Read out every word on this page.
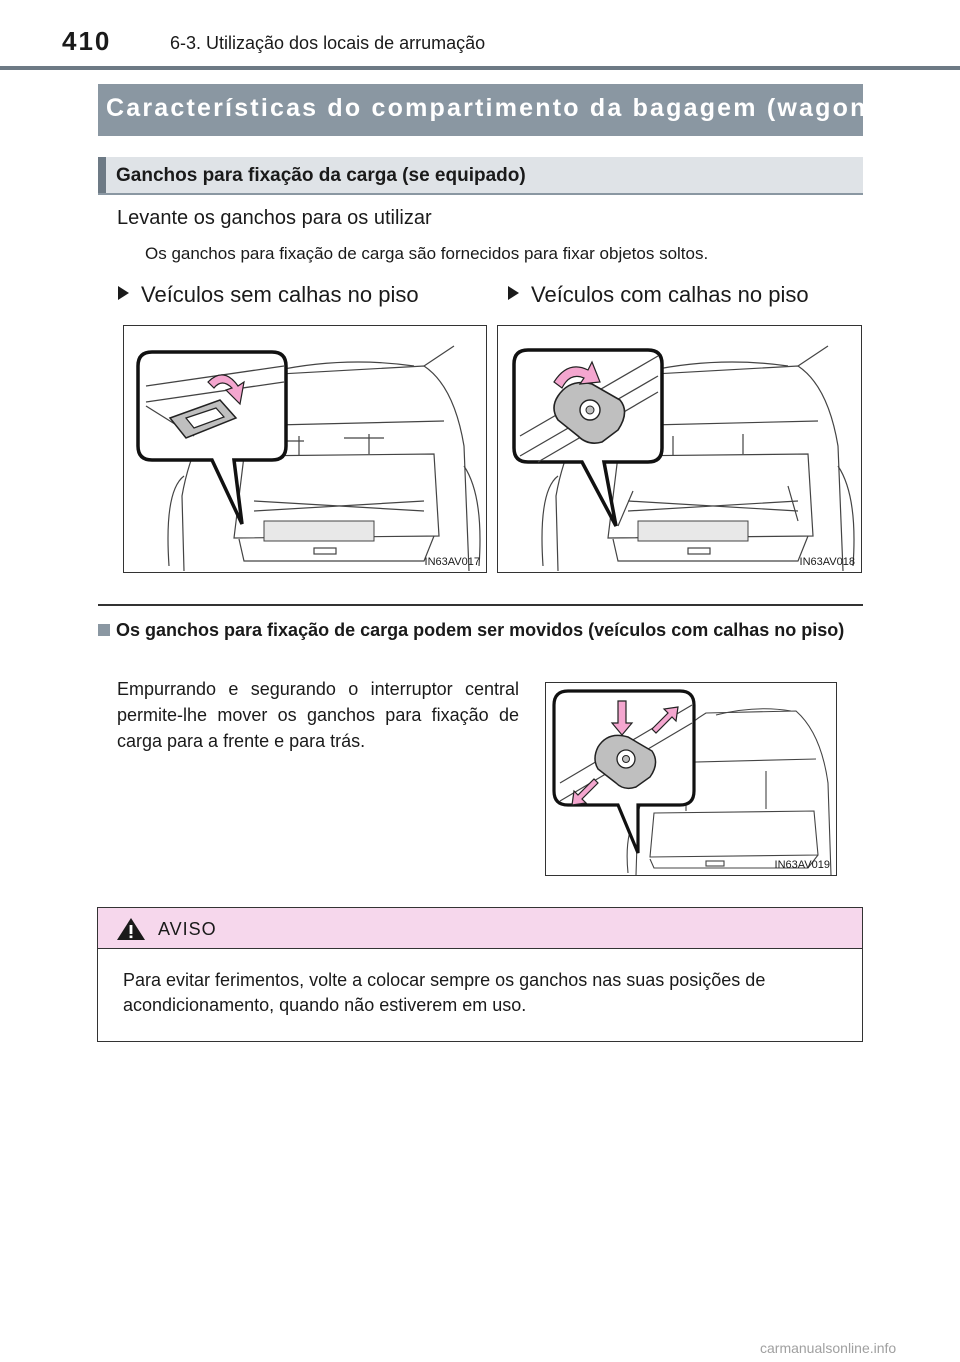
410	6-3. Utilização dos locais de arrumação
Características do compartimento da bagagem (wagon)
Ganchos para fixação da carga (se equipado)
Levante os ganchos para os utilizar
Os ganchos para fixação de carga são fornecidos para fixar objetos soltos.
Veículos sem calhas no piso	Veículos com calhas no piso
IN63AV017	IN63AV018
Os ganchos para fixação de carga podem ser movidos (veículos com calhas no piso)
Empurrando e segurando o interruptor central permite-lhe mover os ganchos para fixação de carga para a frente e para trás.
IN63AV019
AVISO
Para evitar ferimentos, volte a colocar sempre os ganchos nas suas posições de acondicionamento, quando não estiverem em uso.
carmanualsonline.info
